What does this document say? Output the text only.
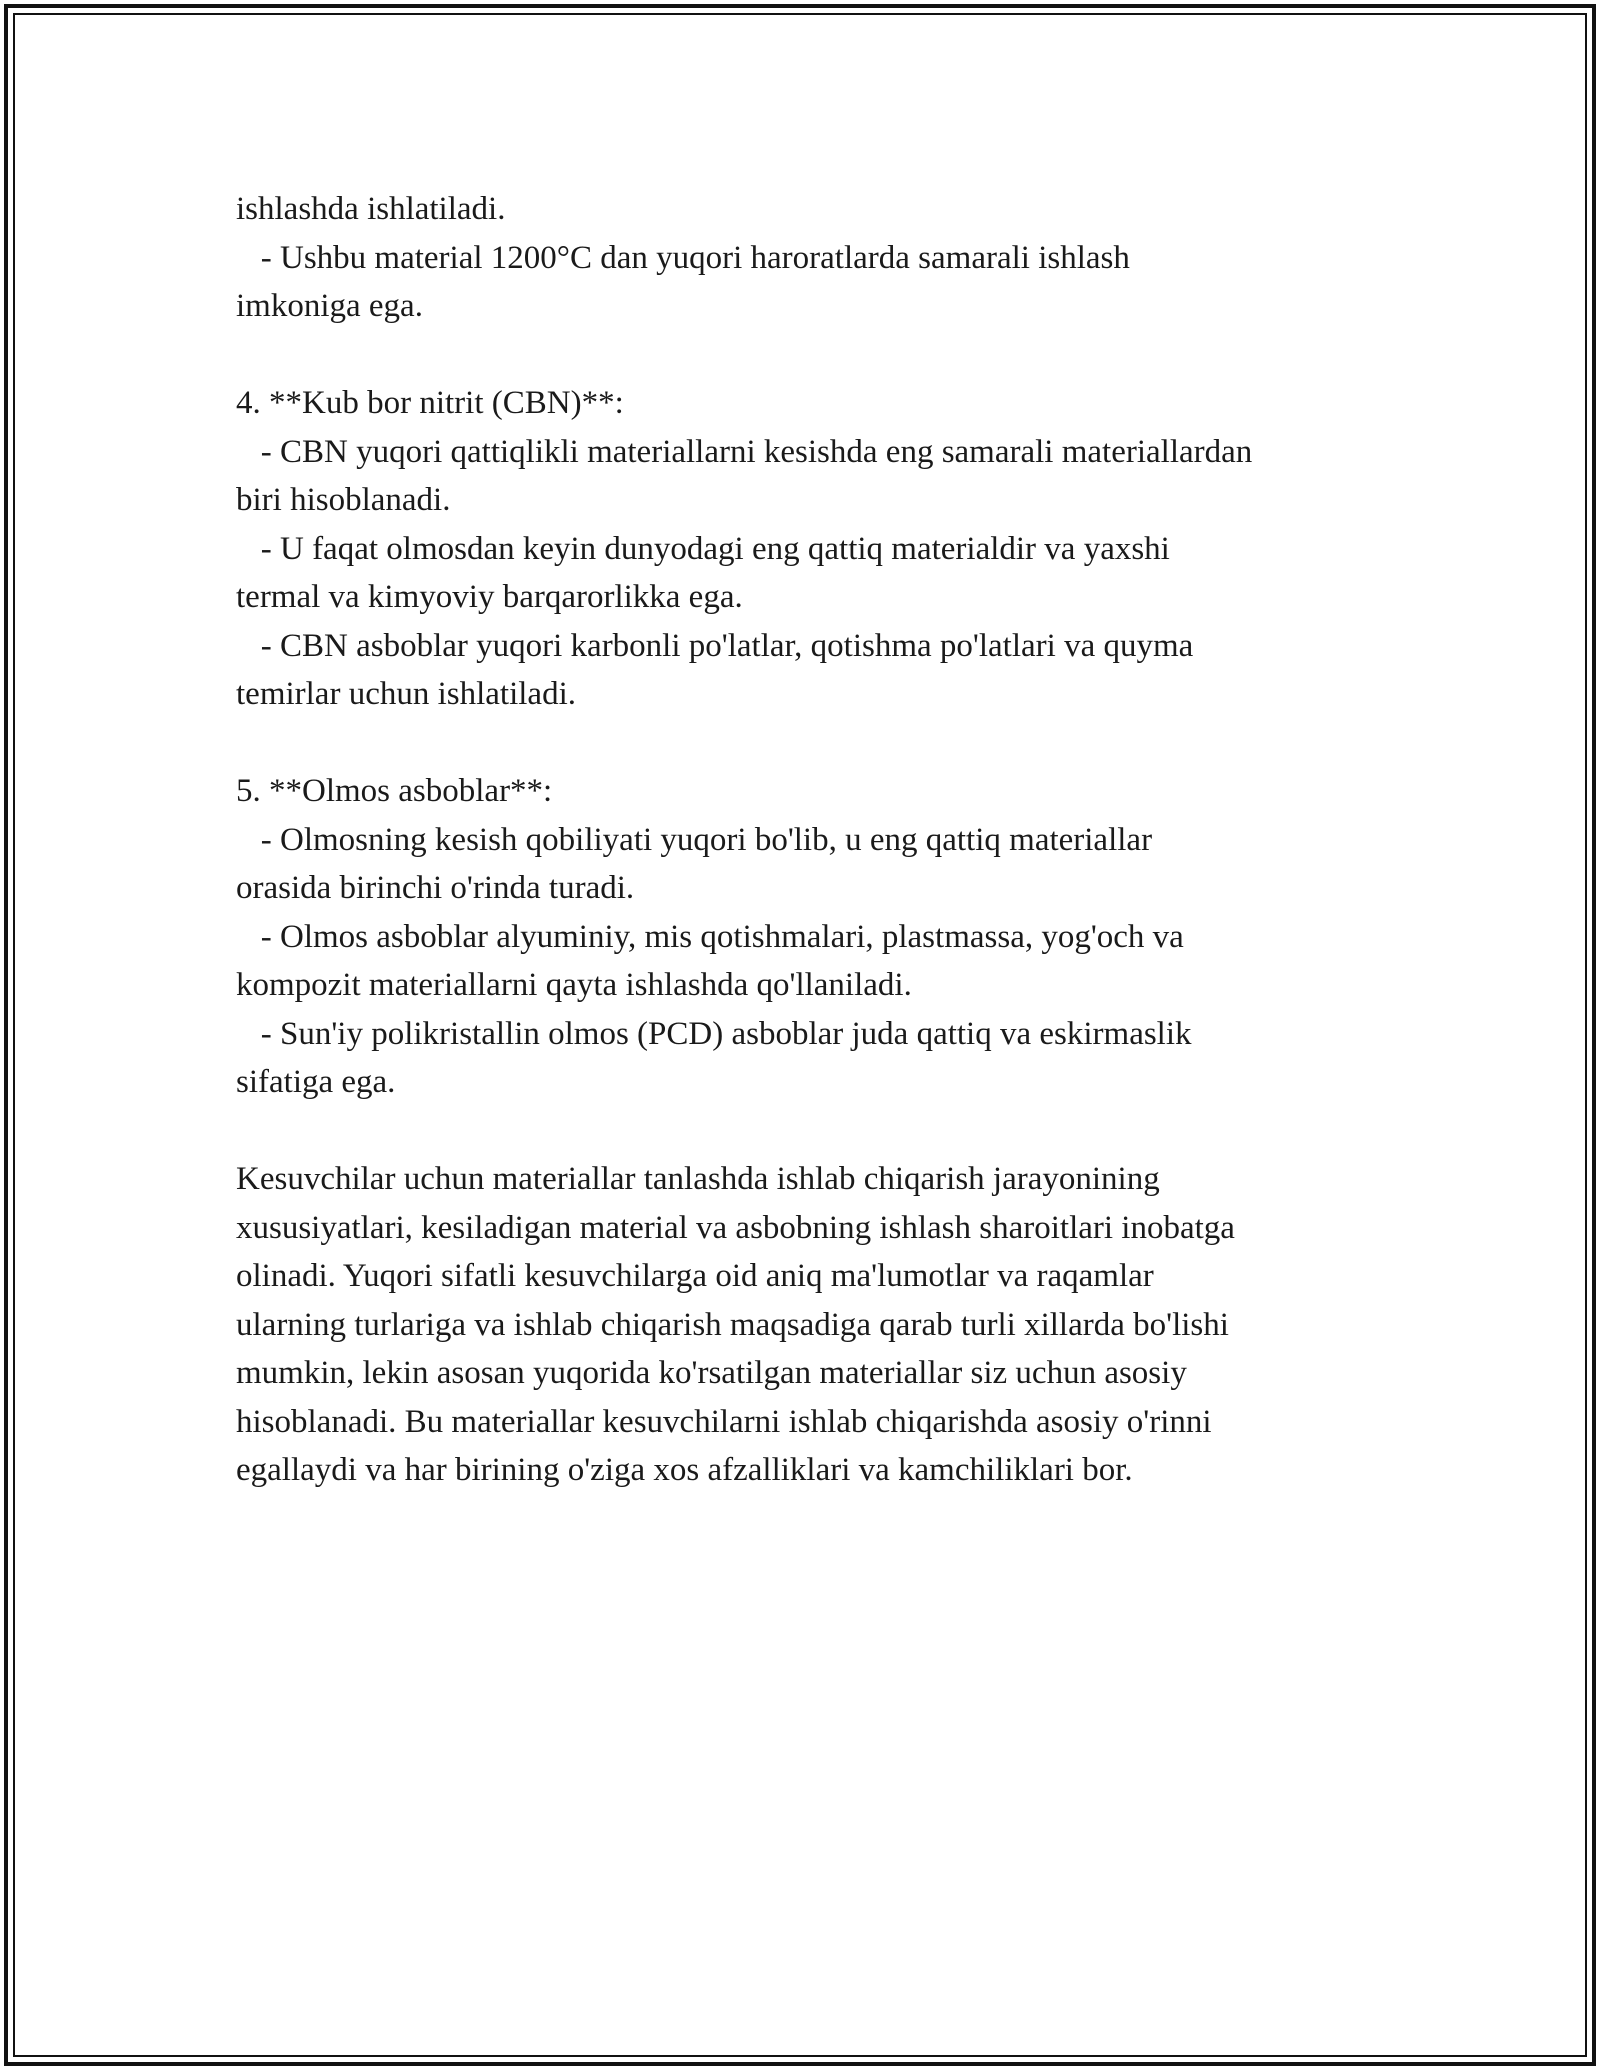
ishlashda ishlatiladi.
- Ushbu material 1200°C dan yuqori haroratlarda samarali ishlash
imkoniga ega.
4. **Kub bor nitrit (CBN)**:
- CBN yuqori qattiqlikli materiallarni kesishda eng samarali materiallardan
biri hisoblanadi.
- U faqat olmosdan keyin dunyodagi eng qattiq materialdir va yaxshi
termal va kimyoviy barqarorlikka ega.
- CBN asboblar yuqori karbonli po'latlar, qotishma po'latlari va quyma
temirlar uchun ishlatiladi.
5. **Olmos asboblar**:
- Olmosning kesish qobiliyati yuqori bo'lib, u eng qattiq materiallar
orasida birinchi o'rinda turadi.
- Olmos asboblar alyuminiy, mis qotishmalari, plastmassa, yog'och va
kompozit materiallarni qayta ishlashda qo'llaniladi.
- Sun'iy polikristallin olmos (PCD) asboblar juda qattiq va eskirmaslik
sifatiga ega.
Kesuvchilar uchun materiallar tanlashda ishlab chiqarish jarayonining
xususiyatlari, kesiladigan material va asbobning ishlash sharoitlari inobatga
olinadi. Yuqori sifatli kesuvchilarga oid aniq ma'lumotlar va raqamlar
ularning turlariga va ishlab chiqarish maqsadiga qarab turli xillarda bo'lishi
mumkin, lekin asosan yuqorida ko'rsatilgan materiallar siz uchun asosiy
hisoblanadi. Bu materiallar kesuvchilarni ishlab chiqarishda asosiy o'rinni
egallaydi va har birining o'ziga xos afzalliklari va kamchiliklari bor.
